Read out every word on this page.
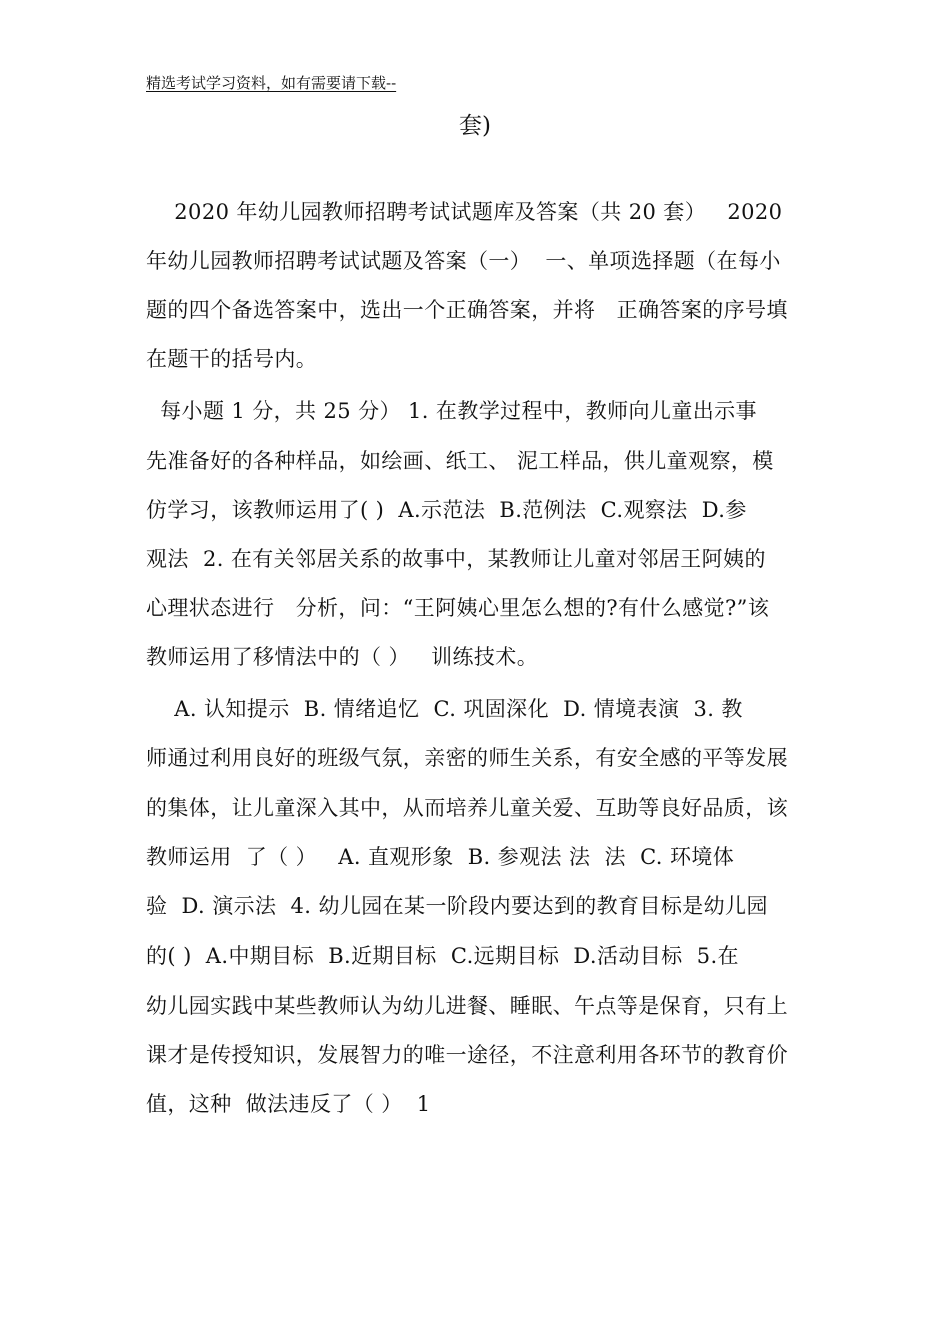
精选考试学习资料，如有需要请下载--
套)
2020 年幼儿园教师招聘考试试题库及答案（共 20 套）   2020
年幼儿园教师招聘考试试题及答案（一）  一、单项选择题（在每小
题的四个备选答案中，选出一个正确答案，并将   正确答案的序号填
在题干的括号内。
每小题 1 分，共 25 分） 1. 在教学过程中，教师向儿童出示事
先准备好的各种样品，如绘画、纸工、 泥工样品，供儿童观察，模
仿学习，该教师运用了( )  A.示范法  B.范例法  C.观察法  D.参
观法  2. 在有关邻居关系的故事中，某教师让儿童对邻居王阿姨的
心理状态进行   分析，问：“王阿姨心里怎么想的?有什么感觉?”该
教师运用了移情法中的（ ）   训练技术。
A. 认知提示  B. 情绪追忆  C. 巩固深化  D. 情境表演  3. 教
师通过利用良好的班级气氛，亲密的师生关系，有安全感的平等发展
的集体，让儿童深入其中，从而培养儿童关爱、互助等良好品质，该
教师运用  了（ ）   A. 直观形象  B. 参观法 法  法  C. 环境体
验  D. 演示法  4. 幼儿园在某一阶段内要达到的教育目标是幼儿园
的( )  A.中期目标  B.近期目标  C.远期目标  D.活动目标  5.在
幼儿园实践中某些教师认为幼儿进餐、睡眠、午点等是保育，只有上
课才是传授知识，发展智力的唯一途径，不注意利用各环节的教育价
值，这种  做法违反了（ ）  1
